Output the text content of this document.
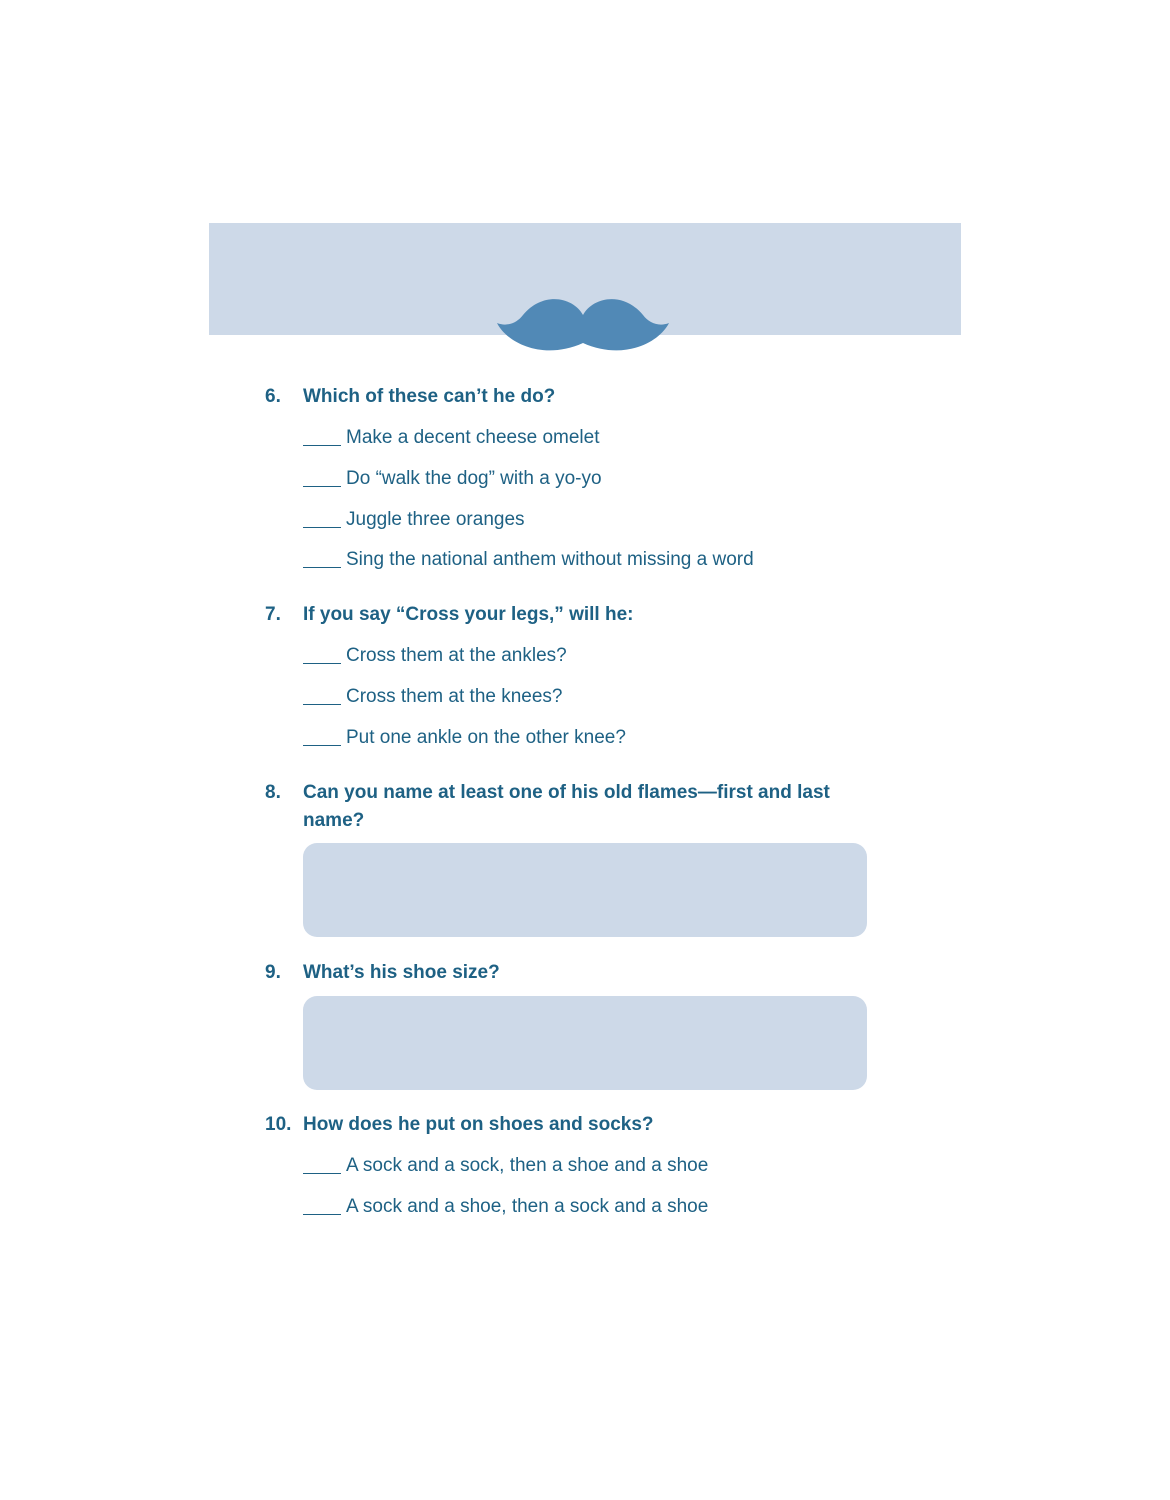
6. Which of these can’t he do?
Make a decent cheese omelet
Do “walk the dog” with a yo-yo
Juggle three oranges
Sing the national anthem without missing a word
7. If you say “Cross your legs,” will he:
Cross them at the ankles?
Cross them at the knees?
Put one ankle on the other knee?
8. Can you name at least one of his old flames—first and last name?
9. What’s his shoe size?
10. How does he put on shoes and socks?
A sock and a sock, then a shoe and a shoe
A sock and a shoe, then a sock and a shoe
